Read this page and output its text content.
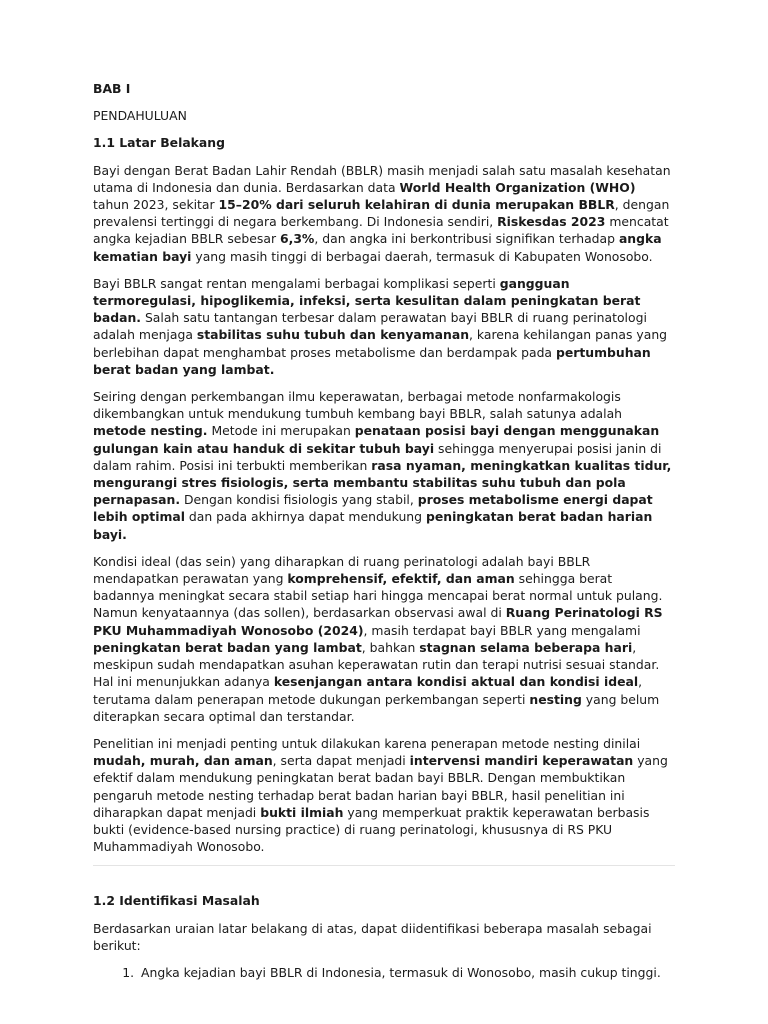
BAB I

PENDAHULUAN

1.1 Latar Belakang

Bayi dengan Berat Badan Lahir Rendah (BBLR) masih menjadi salah satu masalah kesehatan utama di Indonesia dan dunia. Berdasarkan data World Health Organization (WHO) tahun 2023, sekitar 15–20% dari seluruh kelahiran di dunia merupakan BBLR, dengan prevalensi tertinggi di negara berkembang. Di Indonesia sendiri, Riskesdas 2023 mencatat angka kejadian BBLR sebesar 6,3%, dan angka ini berkontribusi signifikan terhadap angka kematian bayi yang masih tinggi di berbagai daerah, termasuk di Kabupaten Wonosobo.

Bayi BBLR sangat rentan mengalami berbagai komplikasi seperti gangguan termoregulasi, hipoglikemia, infeksi, serta kesulitan dalam peningkatan berat badan. Salah satu tantangan terbesar dalam perawatan bayi BBLR di ruang perinatologi adalah menjaga stabilitas suhu tubuh dan kenyamanan, karena kehilangan panas yang berlebihan dapat menghambat proses metabolisme dan berdampak pada pertumbuhan berat badan yang lambat.

Seiring dengan perkembangan ilmu keperawatan, berbagai metode nonfarmakologis dikembangkan untuk mendukung tumbuh kembang bayi BBLR, salah satunya adalah metode nesting. Metode ini merupakan penataan posisi bayi dengan menggunakan gulungan kain atau handuk di sekitar tubuh bayi sehingga menyerupai posisi janin di dalam rahim. Posisi ini terbukti memberikan rasa nyaman, meningkatkan kualitas tidur, mengurangi stres fisiologis, serta membantu stabilitas suhu tubuh dan pola pernapasan. Dengan kondisi fisiologis yang stabil, proses metabolisme energi dapat lebih optimal dan pada akhirnya dapat mendukung peningkatan berat badan harian bayi.

Kondisi ideal (das sein) yang diharapkan di ruang perinatologi adalah bayi BBLR mendapatkan perawatan yang komprehensif, efektif, dan aman sehingga berat badannya meningkat secara stabil setiap hari hingga mencapai berat normal untuk pulang. Namun kenyataannya (das sollen), berdasarkan observasi awal di Ruang Perinatologi RS PKU Muhammadiyah Wonosobo (2024), masih terdapat bayi BBLR yang mengalami peningkatan berat badan yang lambat, bahkan stagnan selama beberapa hari, meskipun sudah mendapatkan asuhan keperawatan rutin dan terapi nutrisi sesuai standar. Hal ini menunjukkan adanya kesenjangan antara kondisi aktual dan kondisi ideal, terutama dalam penerapan metode dukungan perkembangan seperti nesting yang belum diterapkan secara optimal dan terstandar.

Penelitian ini menjadi penting untuk dilakukan karena penerapan metode nesting dinilai mudah, murah, dan aman, serta dapat menjadi intervensi mandiri keperawatan yang efektif dalam mendukung peningkatan berat badan bayi BBLR. Dengan membuktikan pengaruh metode nesting terhadap berat badan harian bayi BBLR, hasil penelitian ini diharapkan dapat menjadi bukti ilmiah yang memperkuat praktik keperawatan berbasis bukti (evidence-based nursing practice) di ruang perinatologi, khususnya di RS PKU Muhammadiyah Wonosobo.

1.2 Identifikasi Masalah

Berdasarkan uraian latar belakang di atas, dapat diidentifikasi beberapa masalah sebagai berikut:

1. Angka kejadian bayi BBLR di Indonesia, termasuk di Wonosobo, masih cukup tinggi.
